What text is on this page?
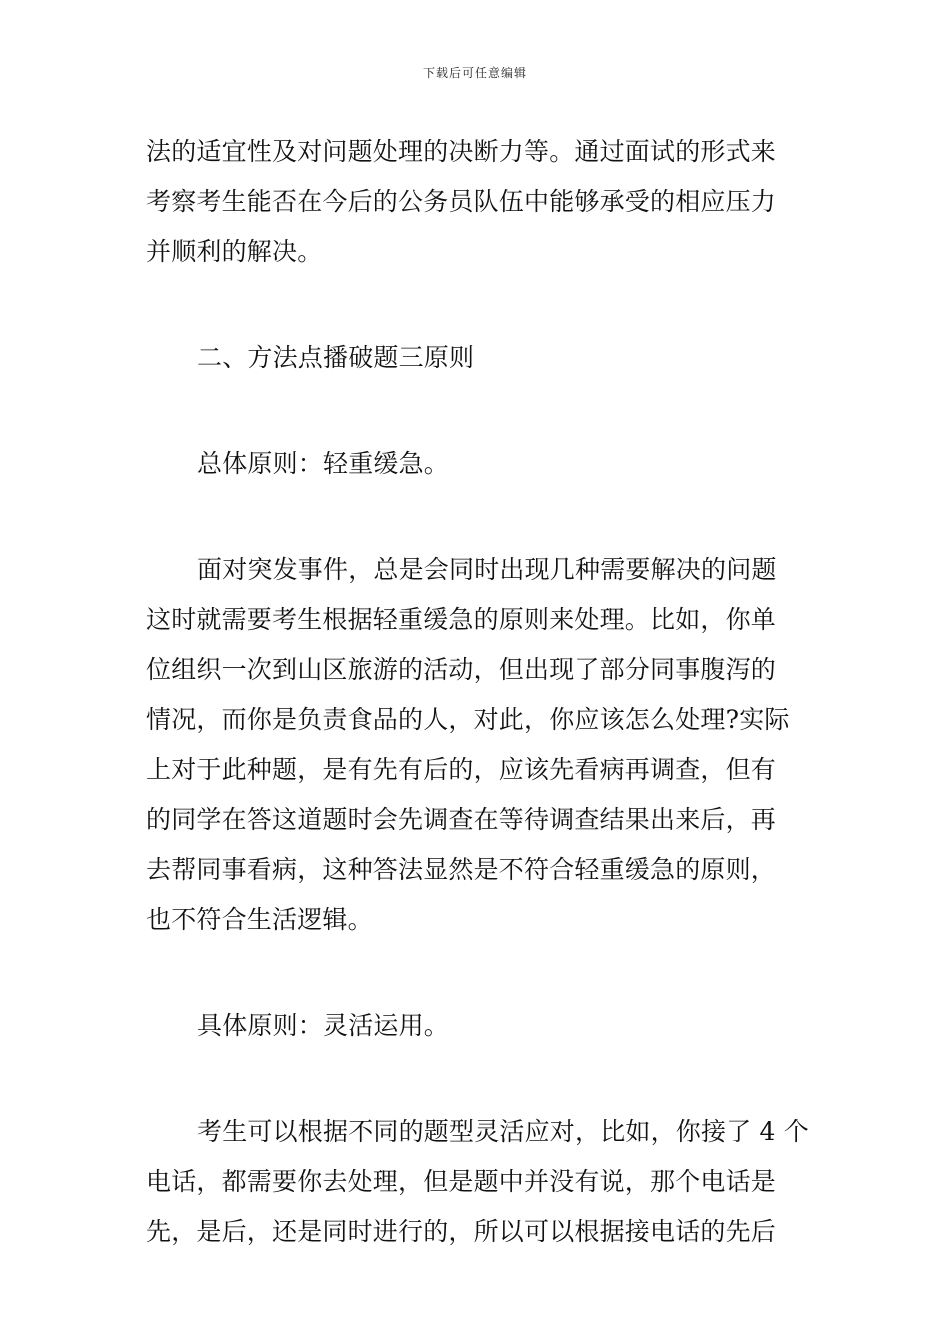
下载后可任意编辑
法的适宜性及对问题处理的决断力等。通过面试的形式来
考察考生能否在今后的公务员队伍中能够承受的相应压力
并顺利的解决。
二、方法点播破题三原则
总体原则：轻重缓急。
面对突发事件，总是会同时出现几种需要解决的问题
这时就需要考生根据轻重缓急的原则来处理。比如，你单
位组织一次到山区旅游的活动，但出现了部分同事腹泻的
情况，而你是负责食品的人，对此，你应该怎么处理?实际
上对于此种题，是有先有后的，应该先看病再调查，但有
的同学在答这道题时会先调查在等待调查结果出来后，再
去帮同事看病，这种答法显然是不符合轻重缓急的原则，
也不符合生活逻辑。
具体原则：灵活运用。
考生可以根据不同的题型灵活应对，比如，你接了 4 个
电话，都需要你去处理，但是题中并没有说，那个电话是
先，是后，还是同时进行的，所以可以根据接电话的先后
